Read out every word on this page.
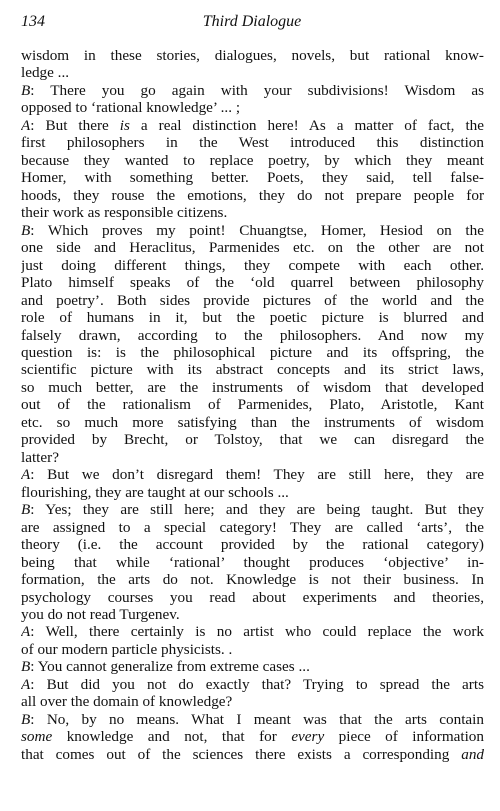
134	Third Dialogue
wisdom in these stories, dialogues, novels, but rational know-
ledge ...
B: There you go again with your subdivisions! Wisdom as
opposed to ‘rational knowledge’ ... ;
A: But there is a real distinction here! As a matter of fact, the
first philosophers in the West introduced this distinction
because they wanted to replace poetry, by which they meant
Homer, with something better. Poets, they said, tell false-
hoods, they rouse the emotions, they do not prepare people for
their work as responsible citizens.
B: Which proves my point! Chuangtse, Homer, Hesiod on the
one side and Heraclitus, Parmenides etc. on the other are not
just doing different things, they compete with each other.
Plato himself speaks of the ‘old quarrel between philosophy
and poetry’. Both sides provide pictures of the world and the
role of humans in it, but the poetic picture is blurred and
falsely drawn, according to the philosophers. And now my
question is: is the philosophical picture and its offspring, the
scientific picture with its abstract concepts and its strict laws,
so much better, are the instruments of wisdom that developed
out of the rationalism of Parmenides, Plato, Aristotle, Kant
etc. so much more satisfying than the instruments of wisdom
provided by Brecht, or Tolstoy, that we can disregard the
latter?
A: But we don’t disregard them! They are still here, they are
flourishing, they are taught at our schools ...
B: Yes; they are still here; and they are being taught. But they
are assigned to a special category! They are called ‘arts’, the
theory (i.e. the account provided by the rational category)
being that while ‘rational’ thought produces ‘objective’ in-
formation, the arts do not. Knowledge is not their business. In
psychology courses you read about experiments and theories,
you do not read Turgenev.
A: Well, there certainly is no artist who could replace the work
of our modern particle physicists. .
B: You cannot generalize from extreme cases ...
A: But did you not do exactly that? Trying to spread the arts
all over the domain of knowledge?
B: No, by no means. What I meant was that the arts contain
some knowledge and not, that for every piece of information
that comes out of the sciences there exists a corresponding and
